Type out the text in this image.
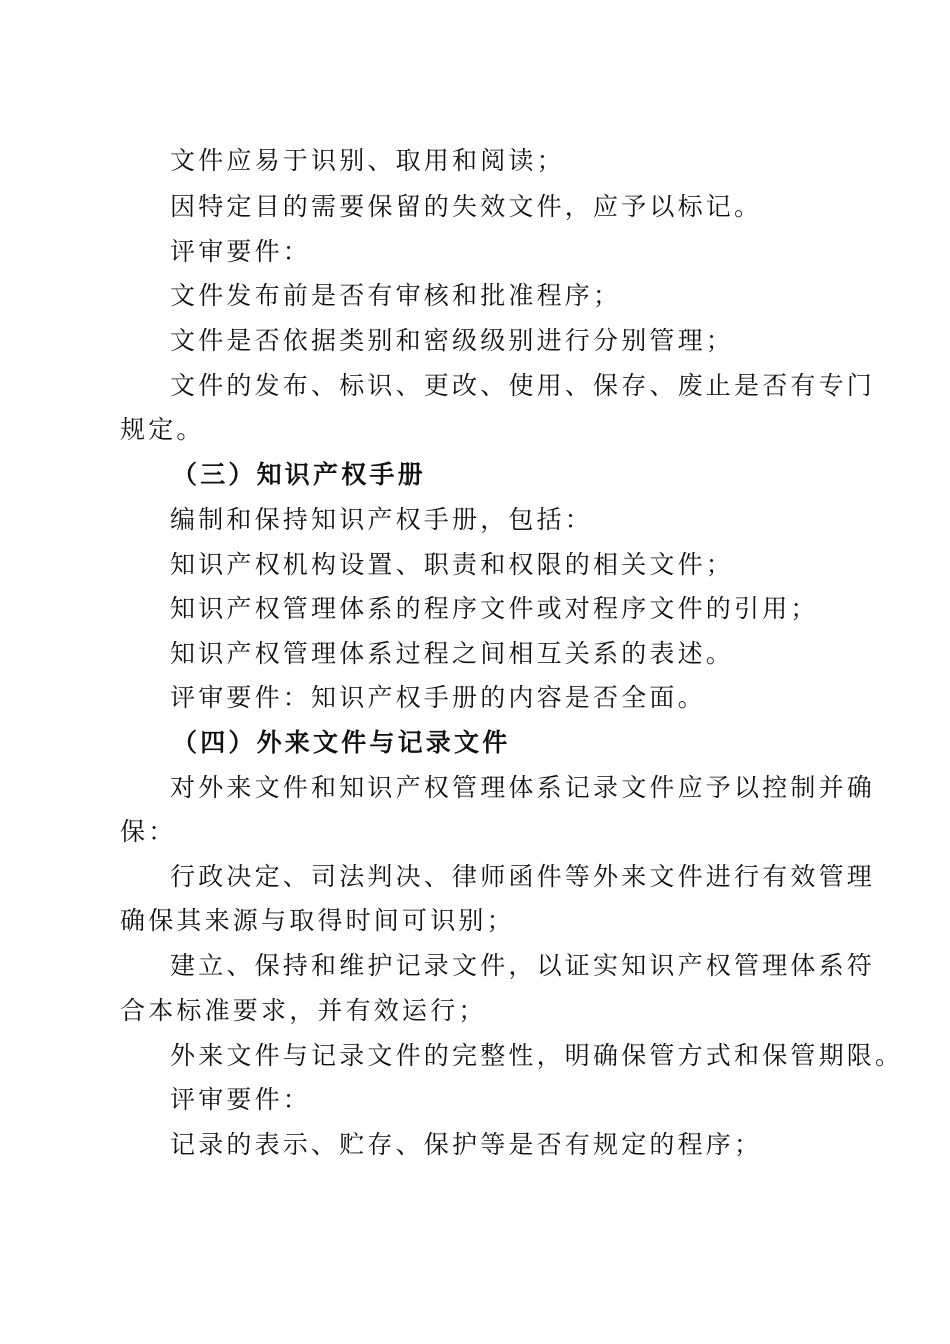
文件应易于识别、取用和阅读；
因特定目的需要保留的失效文件，应予以标记。
评审要件：
文件发布前是否有审核和批准程序；
文件是否依据类别和密级级别进行分别管理；
文件的发布、标识、更改、使用、保存、废止是否有专门
规定。
（三）知识产权手册
编制和保持知识产权手册，包括：
知识产权机构设置、职责和权限的相关文件；
知识产权管理体系的程序文件或对程序文件的引用；
知识产权管理体系过程之间相互关系的表述。
评审要件：知识产权手册的内容是否全面。
（四）外来文件与记录文件
对外来文件和知识产权管理体系记录文件应予以控制并确
保：
行政决定、司法判决、律师函件等外来文件进行有效管理
确保其来源与取得时间可识别；
建立、保持和维护记录文件，以证实知识产权管理体系符
合本标准要求，并有效运行；
外来文件与记录文件的完整性，明确保管方式和保管期限。
评审要件：
记录的表示、贮存、保护等是否有规定的程序；
